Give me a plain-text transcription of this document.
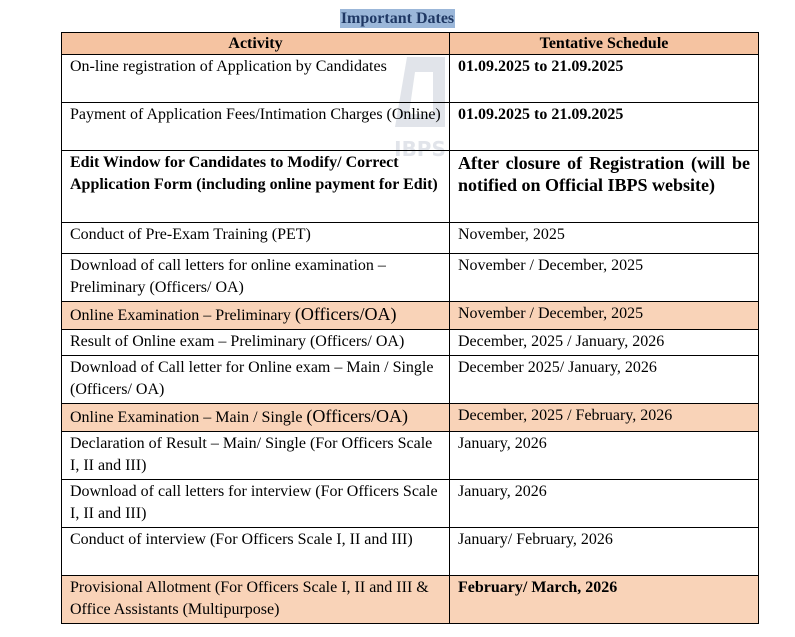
IBPS
Important Dates
Activity	Tentative Schedule
On-line registration of Application by Candidates	01.09.2025 to 21.09.2025
Payment of Application Fees/Intimation Charges (Online)	01.09.2025 to 21.09.2025
Edit Window for Candidates to Modify/ Correct Application Form (including online payment for Edit)	After closure of Registration (will be notified on Official IBPS website)
Conduct of Pre-Exam Training (PET)	November, 2025
Download of call letters for online examination – Preliminary (Officers/ OA)	November / December, 2025
Online Examination – Preliminary (Officers/OA)	November / December, 2025
Result of Online exam – Preliminary (Officers/ OA)	December, 2025 / January, 2026
Download of Call letter for Online exam – Main / Single (Officers/ OA)	December 2025/ January, 2026
Online Examination – Main / Single (Officers/OA)	December, 2025 / February, 2026
Declaration of Result – Main/ Single (For Officers Scale I, II and III)	January, 2026
Download of call letters for interview (For Officers Scale I, II and III)	January, 2026
Conduct of interview (For Officers Scale I, II and III)	January/ February, 2026
Provisional Allotment (For Officers Scale I, II and III & Office Assistants (Multipurpose)	February/ March, 2026
